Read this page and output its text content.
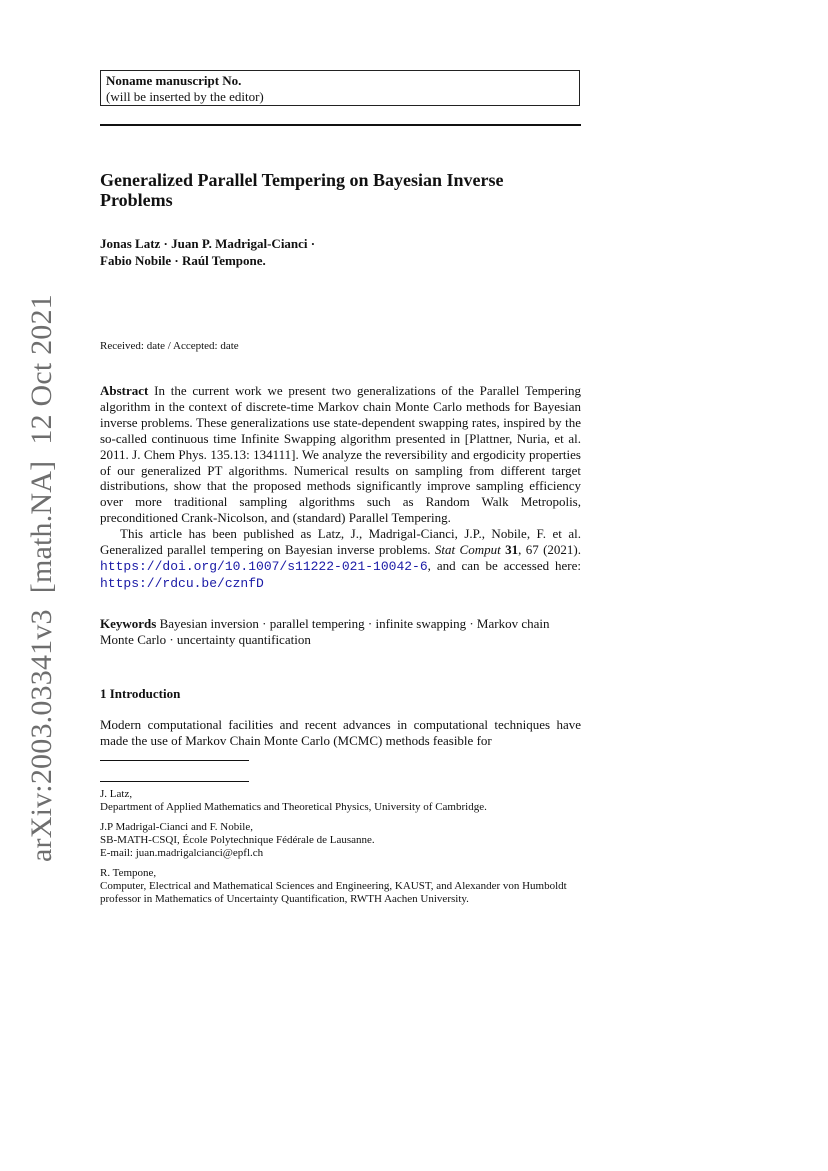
arXiv:2003.03341v3[math.NA]12 Oct 2021
Noname manuscript No.
(will be inserted by the editor)
Generalized Parallel Tempering on Bayesian Inverse
Problems
Jonas Latz · Juan P. Madrigal-Cianci ·
Fabio Nobile · Raúl Tempone.
Received: date / Accepted: date

Abstract In the current work we present two generalizations of the Parallel Tempering algorithm in the context of discrete-time Markov chain Monte Carlo methods for Bayesian inverse problems. These generalizations use state-dependent swapping rates, inspired by the so-called continuous time Infinite Swapping algorithm presented in [Plattner, Nuria, et al. 2011. J. Chem Phys. 135.13: 134111]. We analyze the reversibility and ergodicity properties of our generalized PT algorithms. Numerical results on sampling from different target distributions, show that the proposed methods significantly improve sampling efficiency over more traditional sampling algorithms such as Random Walk Metropolis, preconditioned Crank-Nicolson, and (standard) Parallel Tempering.

This article has been published as Latz, J., Madrigal-Cianci, J.P., Nobile, F. et al. Generalized parallel tempering on Bayesian inverse problems. Stat Comput 31, 67 (2021). https://doi.org/10.1007/s11222-021-10042-6, and can be accessed here: https://rdcu.be/cznfD

Keywords Bayesian inversion · parallel tempering · infinite swapping · Markov chain Monte Carlo · uncertainty quantification
1 Introduction
Modern computational facilities and recent advances in computational techniques have made the use of Markov Chain Monte Carlo (MCMC) methods feasible for
J. Latz,
Department of Applied Mathematics and Theoretical Physics, University of Cambridge.
J.P Madrigal-Cianci and F. Nobile,
SB-MATH-CSQI, École Polytechnique Fédérale de Lausanne.
E-mail: juan.madrigalcianci@epfl.ch
R. Tempone,
Computer, Electrical and Mathematical Sciences and Engineering, KAUST, and Alexander von Humboldt professor in Mathematics of Uncertainty Quantification, RWTH Aachen University.
